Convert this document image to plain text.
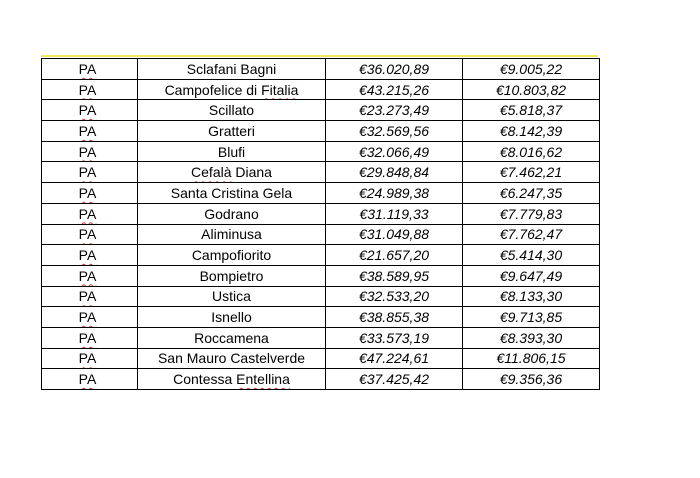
PA	Sclafani Bagni	€36.020,89	€9.005,22
PA	Campofelice di Fitalia	€43.215,26	€10.803,82
PA	Scillato	€23.273,49	€5.818,37
PA	Gratteri	€32.569,56	€8.142,39
PA	Blufi	€32.066,49	€8.016,62
PA	Cefalà Diana	€29.848,84	€7.462,21
PA	Santa Cristina Gela	€24.989,38	€6.247,35
PA	Godrano	€31.119,33	€7.779,83
PA	Aliminusa	€31.049,88	€7.762,47
PA	Campofiorito	€21.657,20	€5.414,30
PA	Bompietro	€38.589,95	€9.647,49
PA	Ustica	€32.533,20	€8.133,30
PA	Isnello	€38.855,38	€9.713,85
PA	Roccamena	€33.573,19	€8.393,30
PA	San Mauro Castelverde	€47.224,61	€11.806,15
PA	Contessa Entellina	€37.425,42	€9.356,36
